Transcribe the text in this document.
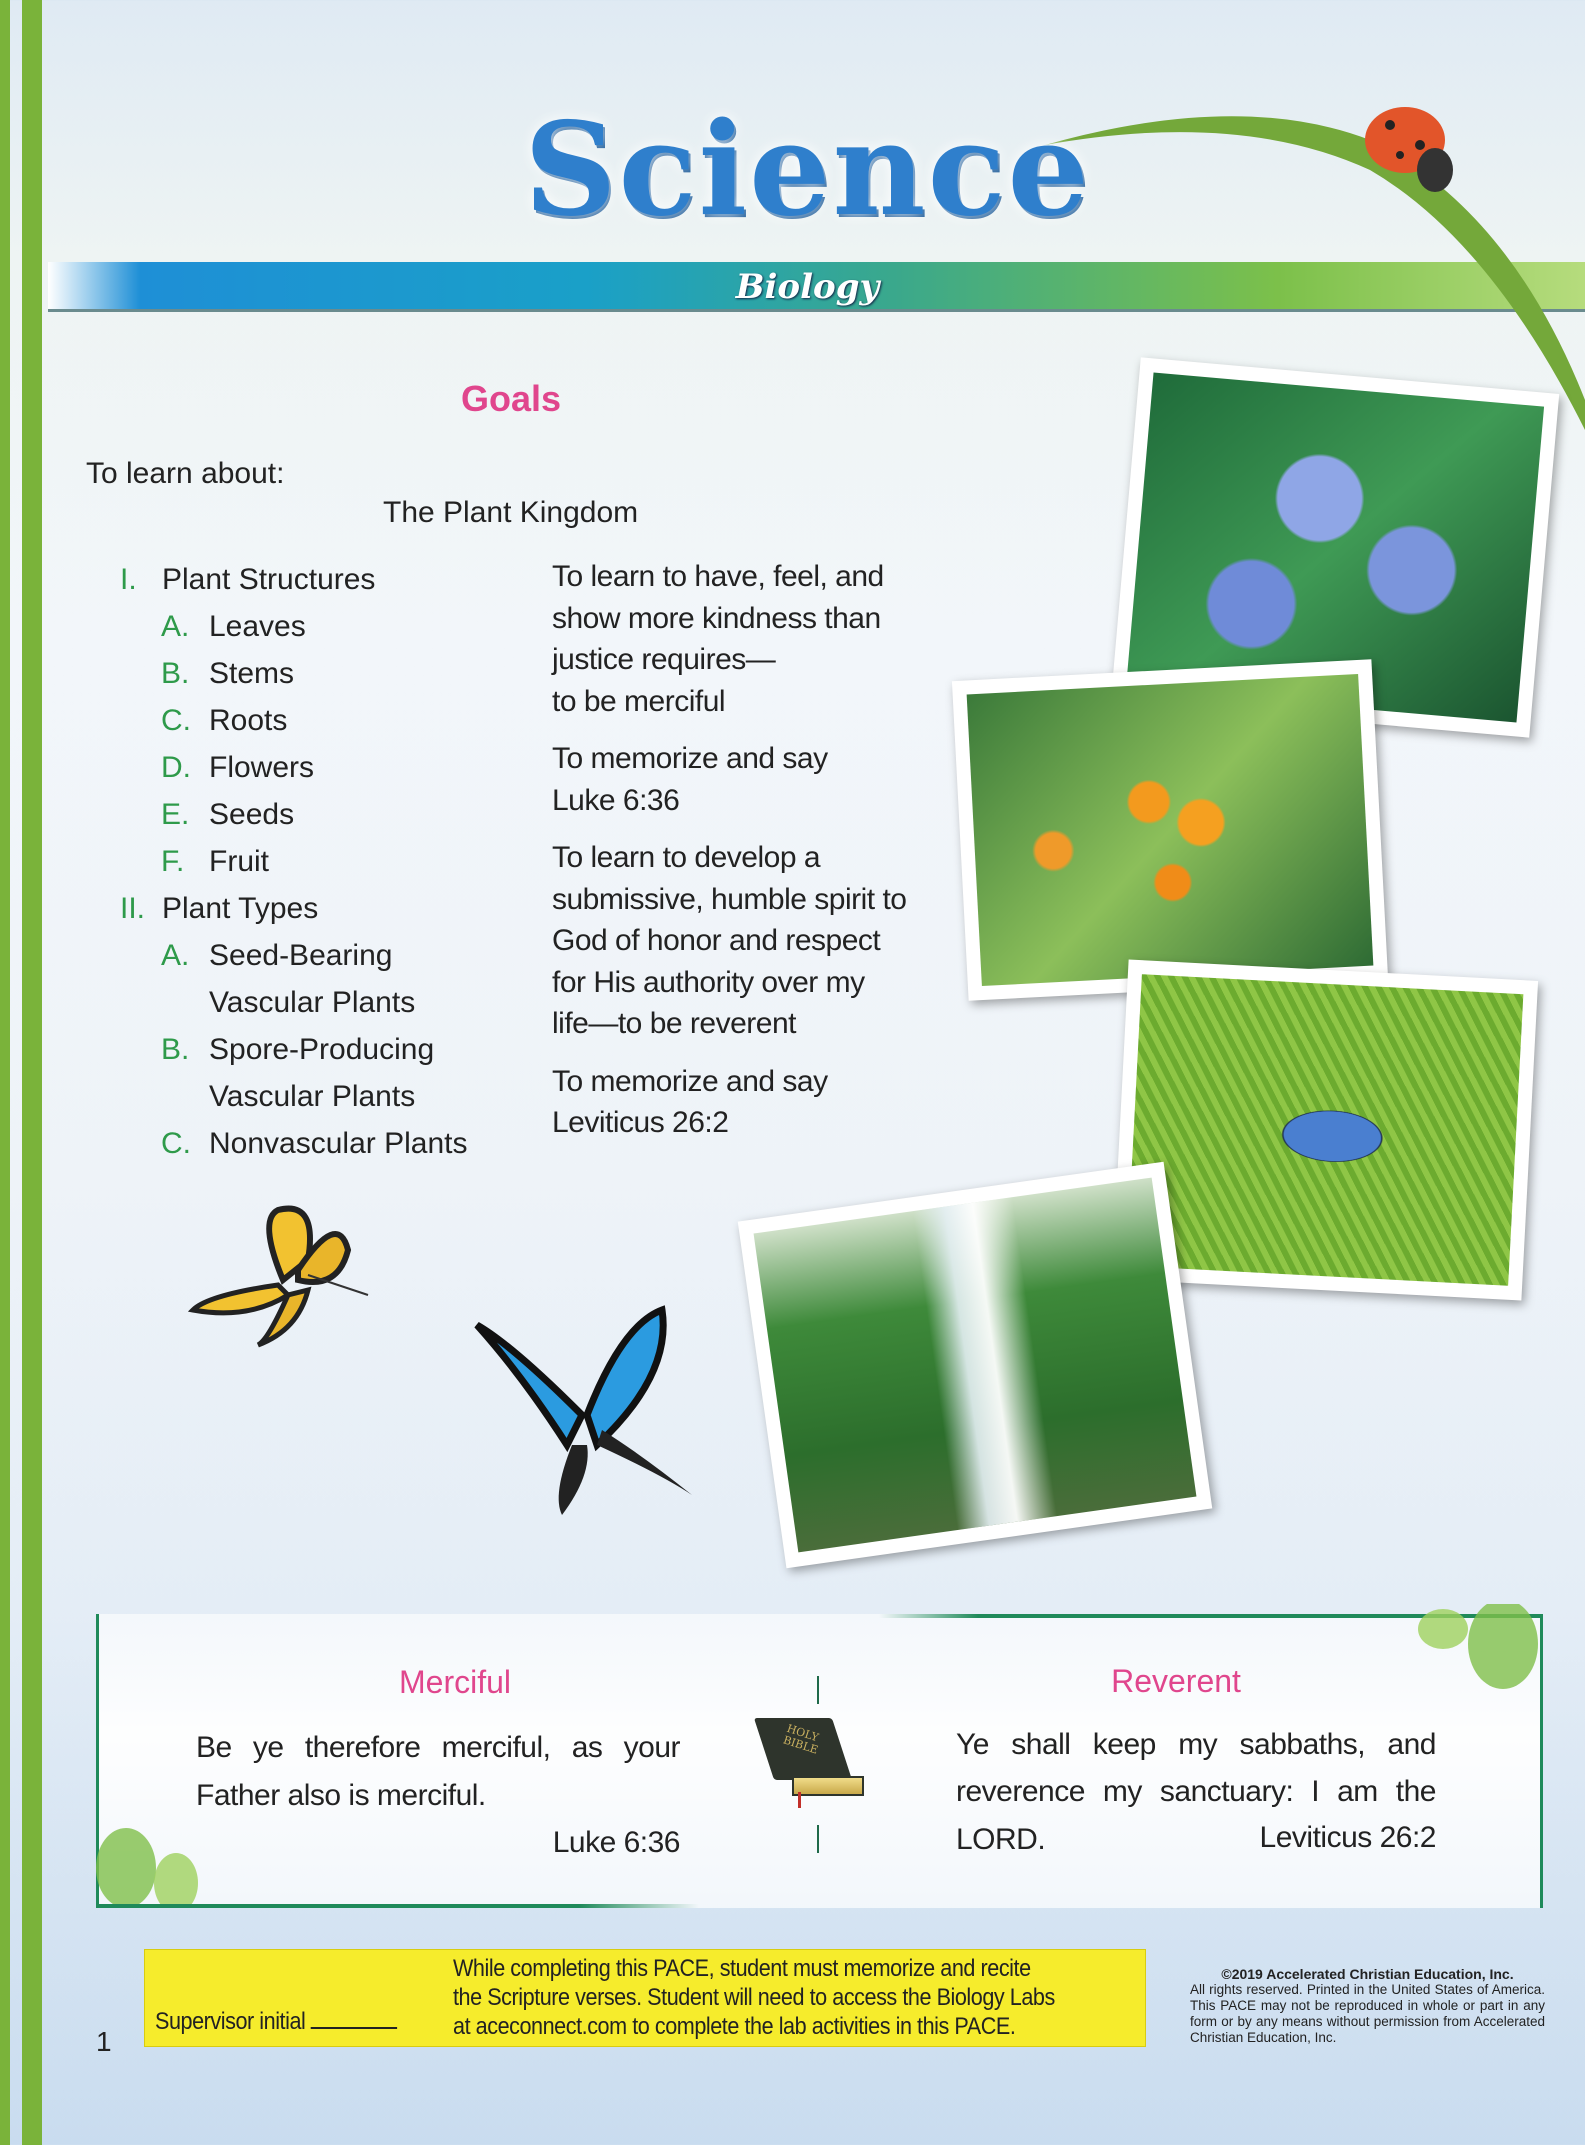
Science
Biology
Goals
To learn about:
The Plant Kingdom
I. Plant Structures
A. Leaves
B. Stems
C. Roots
D. Flowers
E. Seeds
F. Fruit
II. Plant Types
A. Seed-Bearing
Vascular Plants
B. Spore-Producing
Vascular Plants
C. Nonvascular Plants
To learn to have, feel, and
show more kindness than
justice requires—
to be merciful
To memorize and say
Luke 6:36
To learn to develop a
submissive, humble spirit to
God of honor and respect
for His authority over my
life—to be reverent
To memorize and say
Leviticus 26:2
Merciful
Be ye therefore merciful, as your
Father also is merciful.
Luke 6:36
HOLY BIBLE
Reverent
Ye shall keep my sabbaths, and
reverence my sanctuary: I am the
LORD.	Leviticus 26:2
Supervisor initial
While completing this PACE, student must memorize and recite
the Scripture verses. Student will need to access the Biology Labs
at aceconnect.com to complete the lab activities in this PACE.
1
©2019 Accelerated Christian Education, Inc.
All rights reserved. Printed in the United States of America. This PACE may not be reproduced in whole or part in any form or by any means without permission from Accelerated Christian Education, Inc.
